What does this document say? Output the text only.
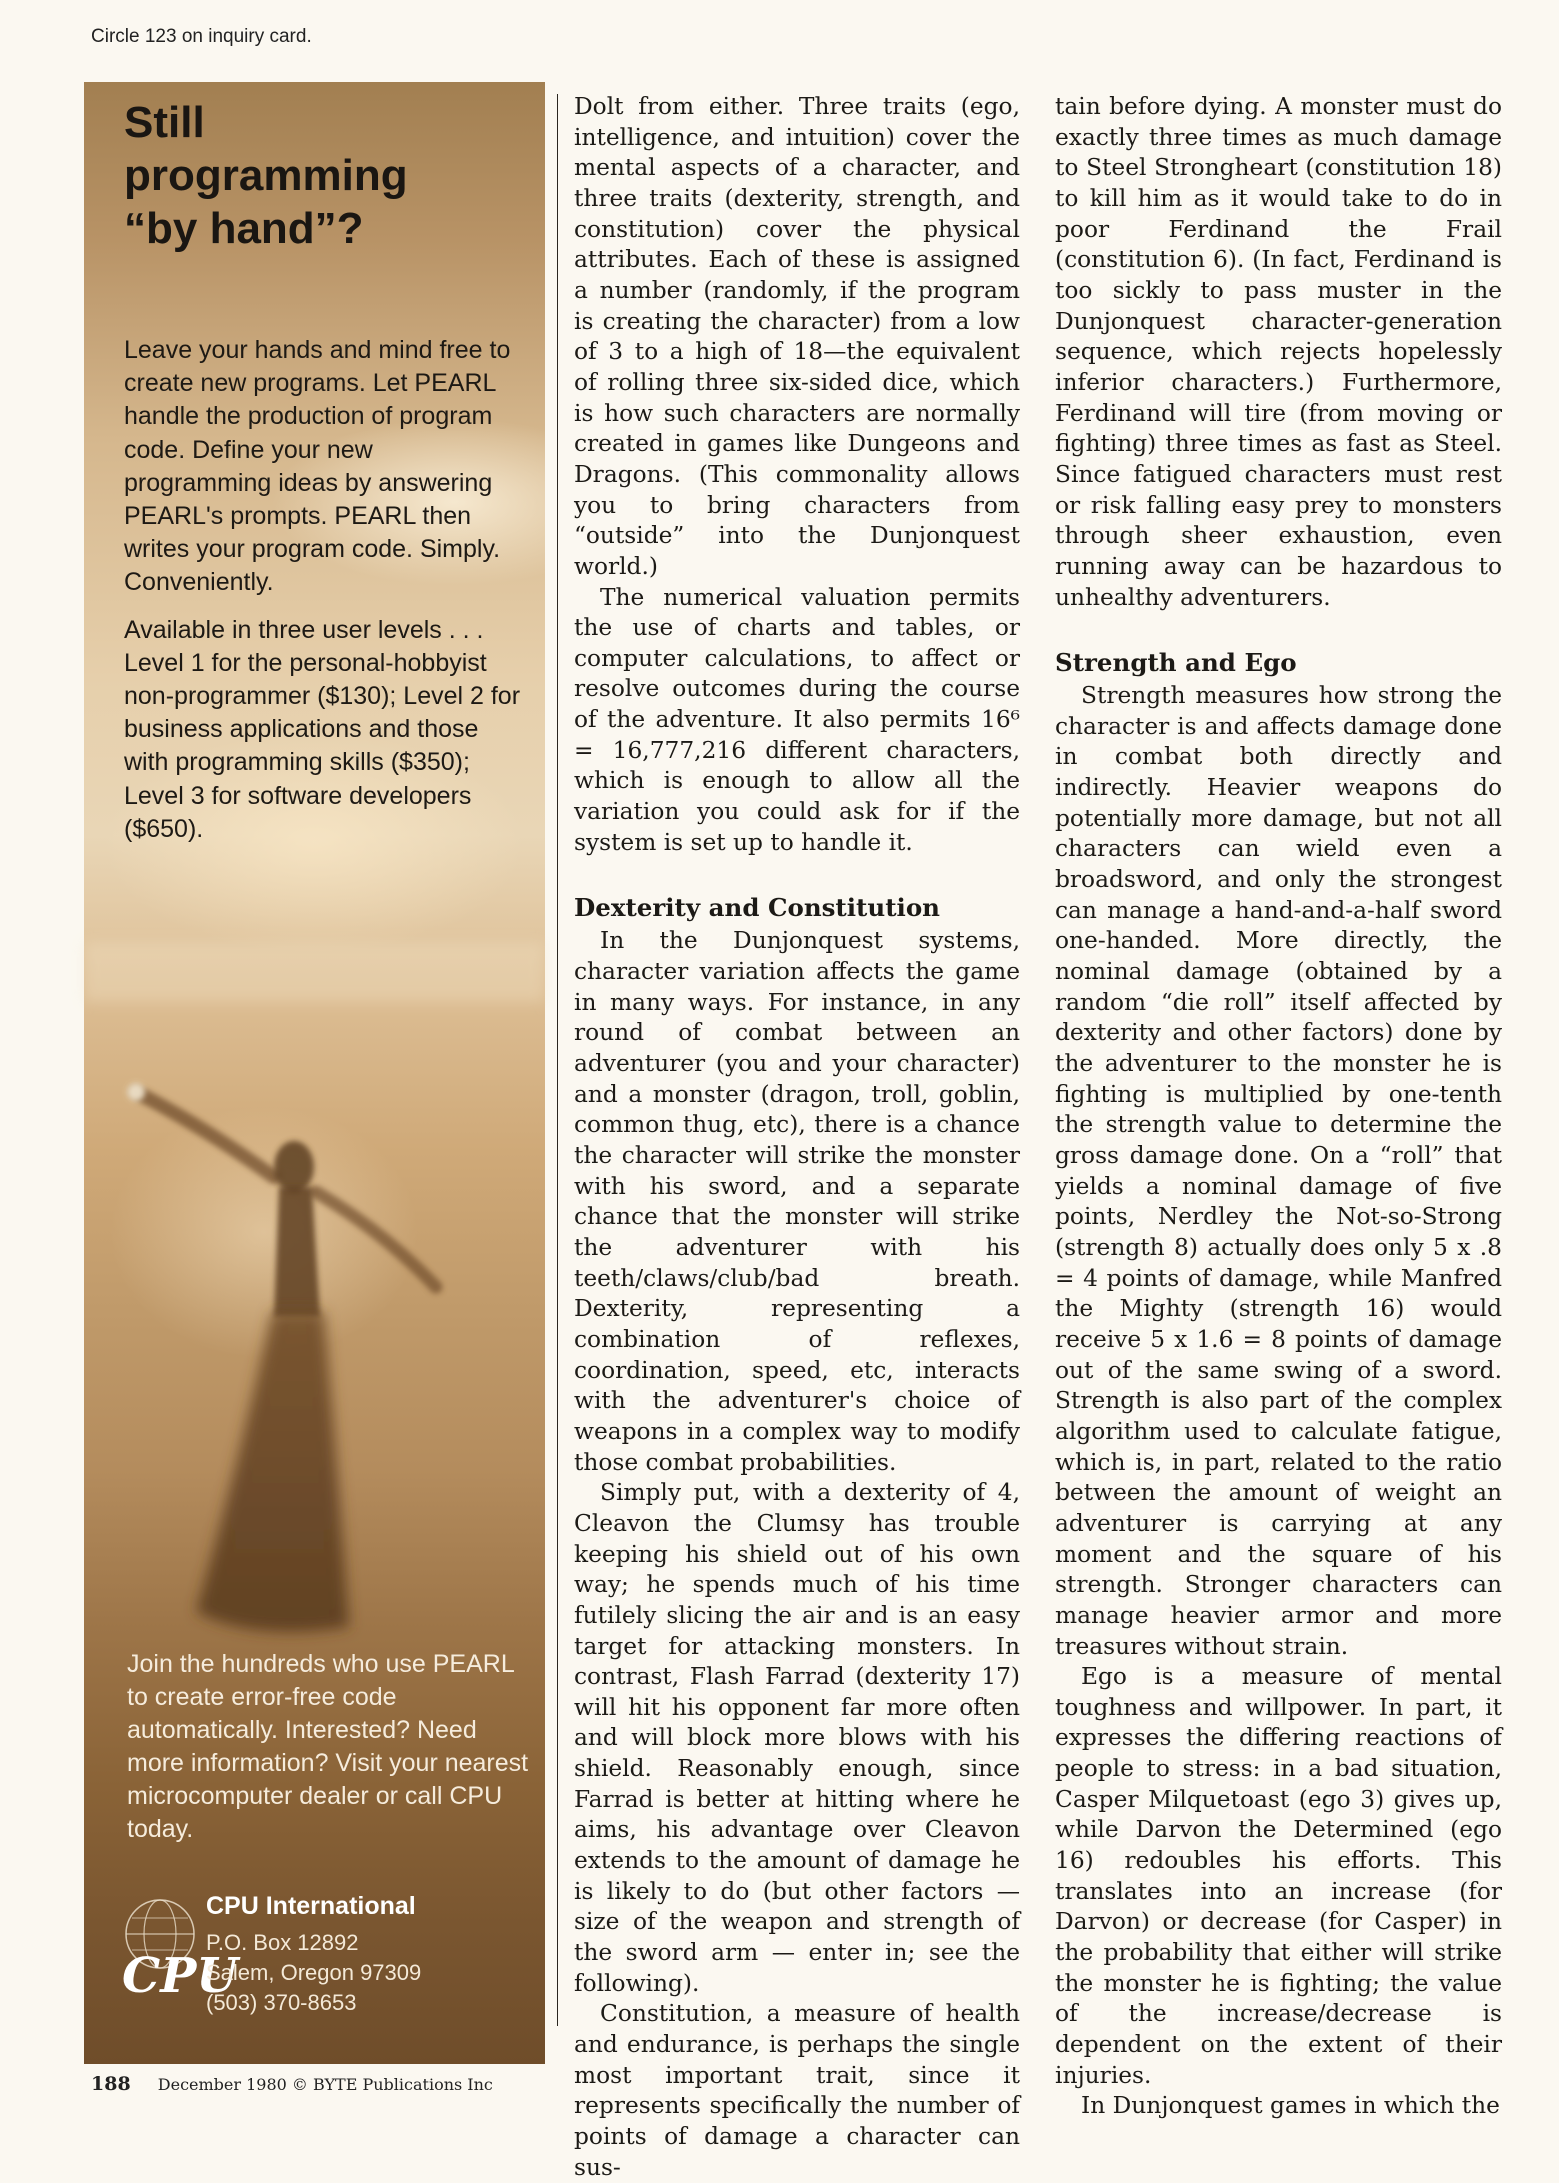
Circle 123 on inquiry card.
Still
programming
“by hand”?

Leave your hands and mind free to create new programs. Let PEARL handle the production of program code. Define your new programming ideas by answering PEARL's prompts. PEARL then writes your program code. Simply. Conveniently.

Available in three user levels . . . Level 1 for the personal-hobbyist non-programmer ($130); Level 2 for business applications and those with programming skills ($350); Level 3 for software developers ($650).

Join the hundreds who use PEARL to create error-free code automatically. Interested? Need more information? Visit your nearest microcomputer dealer or call CPU today.

CPU
CPU International
P.O. Box 12892
Salem, Oregon 97309
(503) 370-8653

Dolt from either. Three traits (ego, intelligence, and intuition) cover the mental aspects of a character, and three traits (dexterity, strength, and constitution) cover the physical attributes. Each of these is assigned a number (randomly, if the program is creating the character) from a low of 3 to a high of 18—the equivalent of rolling three six-sided dice, which is how such characters are normally created in games like Dungeons and Dragons. (This commonality allows you to bring characters from “outside” into the Dunjonquest world.)

The numerical valuation permits the use of charts and tables, or computer calculations, to affect or resolve outcomes during the course of the adventure. It also permits 16⁶ = 16,777,216 different characters, which is enough to allow all the variation you could ask for if the system is set up to handle it.

Dexterity and Constitution

In the Dunjonquest systems, character variation affects the game in many ways. For instance, in any round of combat between an adventurer (you and your character) and a monster (dragon, troll, goblin, common thug, etc), there is a chance the character will strike the monster with his sword, and a separate chance that the monster will strike the adventurer with his teeth/claws/club/bad breath. Dexterity, representing a combination of reflexes, coordination, speed, etc, interacts with the adventurer's choice of weapons in a complex way to modify those combat probabilities.

Simply put, with a dexterity of 4, Cleavon the Clumsy has trouble keeping his shield out of his own way; he spends much of his time futilely slicing the air and is an easy target for attacking monsters. In contrast, Flash Farrad (dexterity 17) will hit his opponent far more often and will block more blows with his shield. Reasonably enough, since Farrad is better at hitting where he aims, his advantage over Cleavon extends to the amount of damage he is likely to do (but other factors — size of the weapon and strength of the sword arm — enter in; see the following).

Constitution, a measure of health and endurance, is perhaps the single most important trait, since it represents specifically the number of points of damage a character can sus-

tain before dying. A monster must do exactly three times as much damage to Steel Strongheart (constitution 18) to kill him as it would take to do in poor Ferdinand the Frail (constitution 6). (In fact, Ferdinand is too sickly to pass muster in the Dunjonquest character-generation sequence, which rejects hopelessly inferior characters.) Furthermore, Ferdinand will tire (from moving or fighting) three times as fast as Steel. Since fatigued characters must rest or risk falling easy prey to monsters through sheer exhaustion, even running away can be hazardous to unhealthy adventurers.

Strength and Ego

Strength measures how strong the character is and affects damage done in combat both directly and indirectly. Heavier weapons do potentially more damage, but not all characters can wield even a broadsword, and only the strongest can manage a hand-and-a-half sword one-handed. More directly, the nominal damage (obtained by a random “die roll” itself affected by dexterity and other factors) done by the adventurer to the monster he is fighting is multiplied by one-tenth the strength value to determine the gross damage done. On a “roll” that yields a nominal damage of five points, Nerdley the Not-so-Strong (strength 8) actually does only 5 x .8 = 4 points of damage, while Manfred the Mighty (strength 16) would receive 5 x 1.6 = 8 points of damage out of the same swing of a sword. Strength is also part of the complex algorithm used to calculate fatigue, which is, in part, related to the ratio between the amount of weight an adventurer is carrying at any moment and the square of his strength. Stronger characters can manage heavier armor and more treasures without strain.

Ego is a measure of mental toughness and willpower. In part, it expresses the differing reactions of people to stress: in a bad situation, Casper Milquetoast (ego 3) gives up, while Darvon the Determined (ego 16) redoubles his efforts. This translates into an increase (for Darvon) or decrease (for Casper) in the probability that either will strike the monster he is fighting; the value of the increase/decrease is dependent on the extent of their injuries.

In Dunjonquest games in which the

188 December 1980 © BYTE Publications Inc
